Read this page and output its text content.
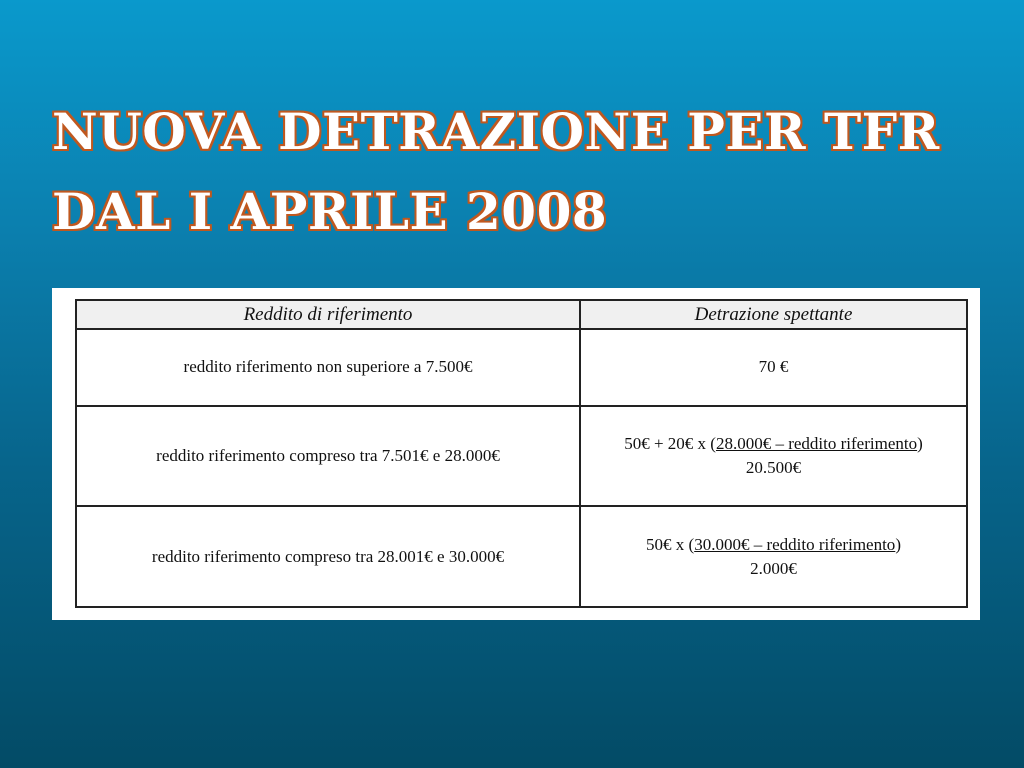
NUOVA DETRAZIONE PER TFR
DAL I APRILE 2008
Reddito di riferimento	Detrazione spettante
reddito riferimento non superiore a 7.500€	70 €

reddito riferimento compreso tra 7.501€ e 28.000€	50€ + 20€ x (28.000€ – reddito riferimento)
20.500€

reddito riferimento compreso tra 28.001€ e 30.000€	50€ x (30.000€ – reddito riferimento)
2.000€
